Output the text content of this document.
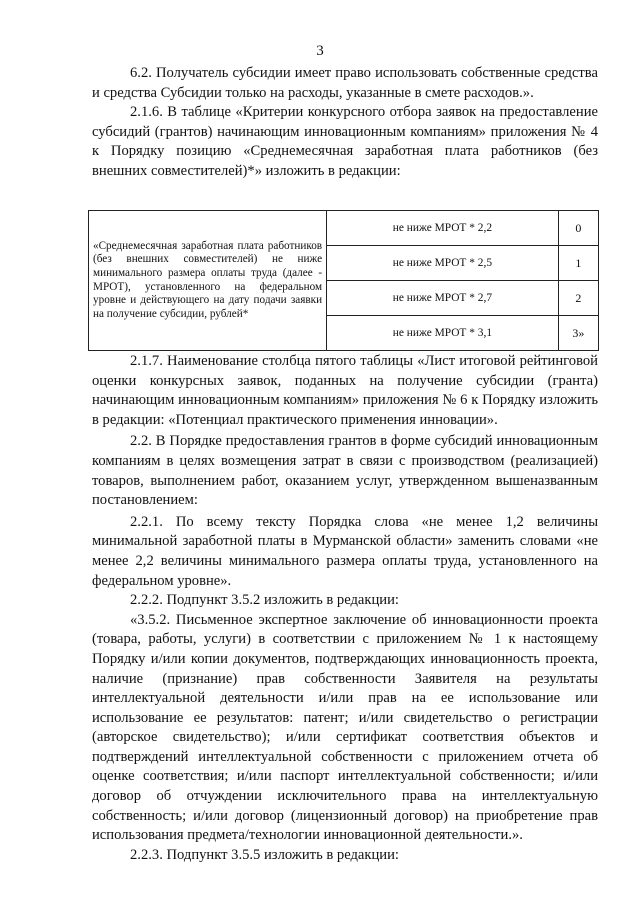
3

6.2. Получатель субсидии имеет право использовать собственные средства и средства Субсидии только на расходы, указанные в смете расходов.».

2.1.6. В таблице «Критерии конкурсного отбора заявок на предоставление субсидий (грантов) начинающим инновационным компаниям» приложения № 4 к Порядку позицию «Среднемесячная заработная плата работников (без внешних совместителей)*» изложить в редакции:

«Среднемесячная заработная плата работников (без внешних совместителей) не ниже минимального размера оплаты труда (далее - МРОТ), установленного на федеральном уровне и действующего на дату подачи заявки на получение субсидии, рублей*	не ниже МРОТ * 2,2	0
	не ниже МРОТ * 2,5	1
	не ниже МРОТ * 2,7	2
	не ниже МРОТ * 3,1	3»

2.1.7. Наименование столбца пятого таблицы «Лист итоговой рейтинговой оценки конкурсных заявок, поданных на получение субсидии (гранта) начинающим инновационным компаниям» приложения № 6 к Порядку изложить в редакции: «Потенциал практического применения инновации».

2.2. В Порядке предоставления грантов в форме субсидий инновационным компаниям в целях возмещения затрат в связи с производством (реализацией) товаров, выполнением работ, оказанием услуг, утвержденном вышеназванным постановлением:

2.2.1. По всему тексту Порядка слова «не менее 1,2 величины минимальной заработной платы в Мурманской области» заменить словами «не менее 2,2 величины минимального размера оплаты труда, установленного на федеральном уровне».

2.2.2. Подпункт 3.5.2 изложить в редакции:

«3.5.2. Письменное экспертное заключение об инновационности проекта (товара, работы, услуги) в соответствии с приложением № 1 к настоящему Порядку и/или копии документов, подтверждающих инновационность проекта, наличие (признание) прав собственности Заявителя на результаты интеллектуальной деятельности и/или прав на ее использование или использование ее результатов: патент; и/или свидетельство о регистрации (авторское свидетельство); и/или сертификат соответствия объектов и подтверждений интеллектуальной собственности с приложением отчета об оценке соответствия; и/или паспорт интеллектуальной собственности; и/или договор об отчуждении исключительного права на интеллектуальную собственность; и/или договор (лицензионный договор) на приобретение прав использования предмета/технологии инновационной деятельности.».

2.2.3. Подпункт 3.5.5 изложить в редакции:
